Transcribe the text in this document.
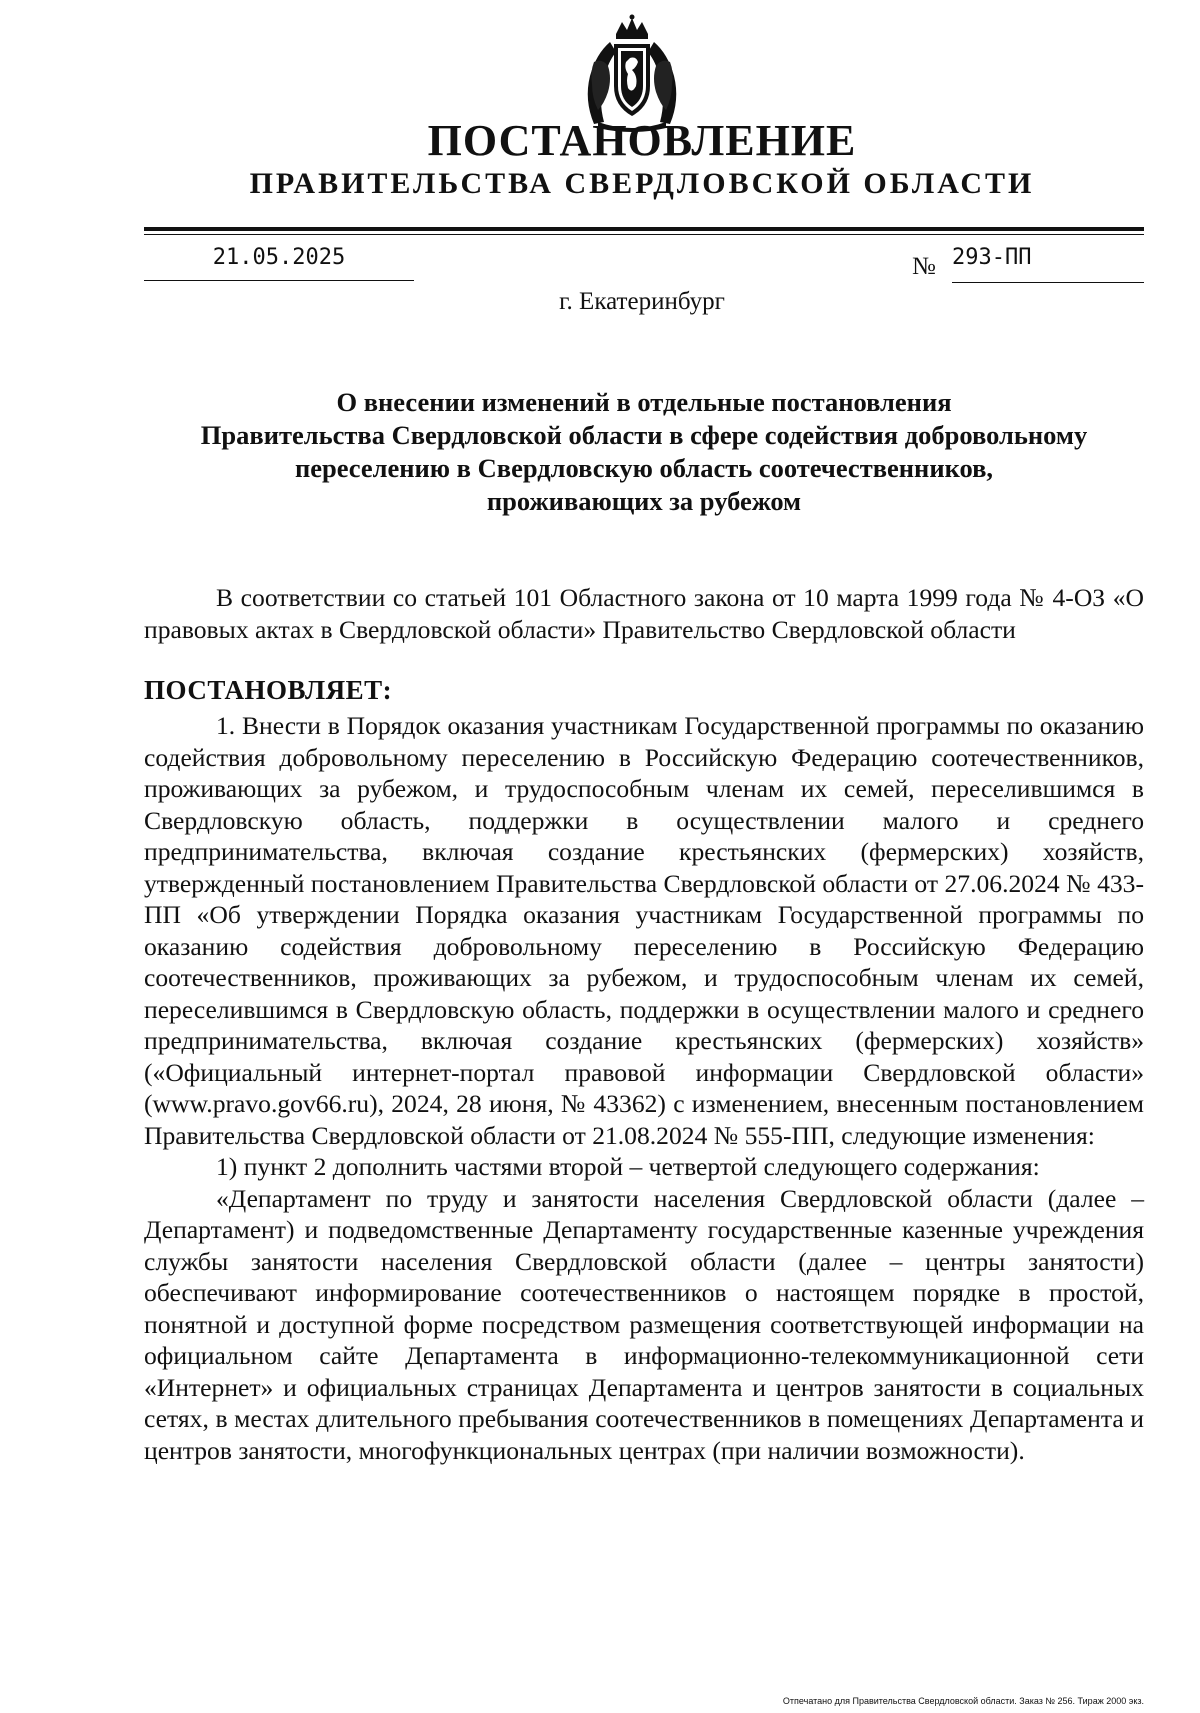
ПОСТАНОВЛЕНИЕ
ПРАВИТЕЛЬСТВА СВЕРДЛОВСКОЙ ОБЛАСТИ
21.05.2025	№ 293-ПП
г. Екатеринбург
О внесении изменений в отдельные постановления
Правительства Свердловской области в сфере содействия добровольному
переселению в Свердловскую область соотечественников,
проживающих за рубежом
В соответствии со статьей 101 Областного закона от 10 марта 1999 года № 4-ОЗ «О правовых актах в Свердловской области» Правительство Свердловской области
ПОСТАНОВЛЯЕТ:

1. Внести в Порядок оказания участникам Государственной программы по оказанию содействия добровольному переселению в Российскую Федерацию соотечественников, проживающих за рубежом, и трудоспособным членам их семей, переселившимся в Свердловскую область, поддержки в осуществлении малого и среднего предпринимательства, включая создание крестьянских (фермерских) хозяйств, утвержденный постановлением Правительства Свердловской области от 27.06.2024 № 433-ПП «Об утверждении Порядка оказания участникам Государственной программы по оказанию содействия добровольному переселению в Российскую Федерацию соотечественников, проживающих за рубежом, и трудоспособным членам их семей, переселившимся в Свердловскую область, поддержки в осуществлении малого и среднего предпринимательства, включая создание крестьянских (фермерских) хозяйств» («Официальный интернет-портал правовой информации Свердловской области» (www.pravo.gov66.ru), 2024, 28 июня, № 43362) с изменением, внесенным постановлением Правительства Свердловской области от 21.08.2024 № 555-ПП, следующие изменения:

1) пункт 2 дополнить частями второй – четвертой следующего содержания:

«Департамент по труду и занятости населения Свердловской области (далее – Департамент) и подведомственные Департаменту государственные казенные учреждения службы занятости населения Свердловской области (далее – центры занятости) обеспечивают информирование соотечественников о настоящем порядке в простой, понятной и доступной форме посредством размещения соответствующей информации на официальном сайте Департамента в информационно-телекоммуникационной сети «Интернет» и официальных страницах Департамента и центров занятости в социальных сетях, в местах длительного пребывания соотечественников в помещениях Департамента и центров занятости, многофункциональных центрах (при наличии возможности).

Отпечатано для Правительства Свердловской области. Заказ № 256. Тираж 2000 экз.
